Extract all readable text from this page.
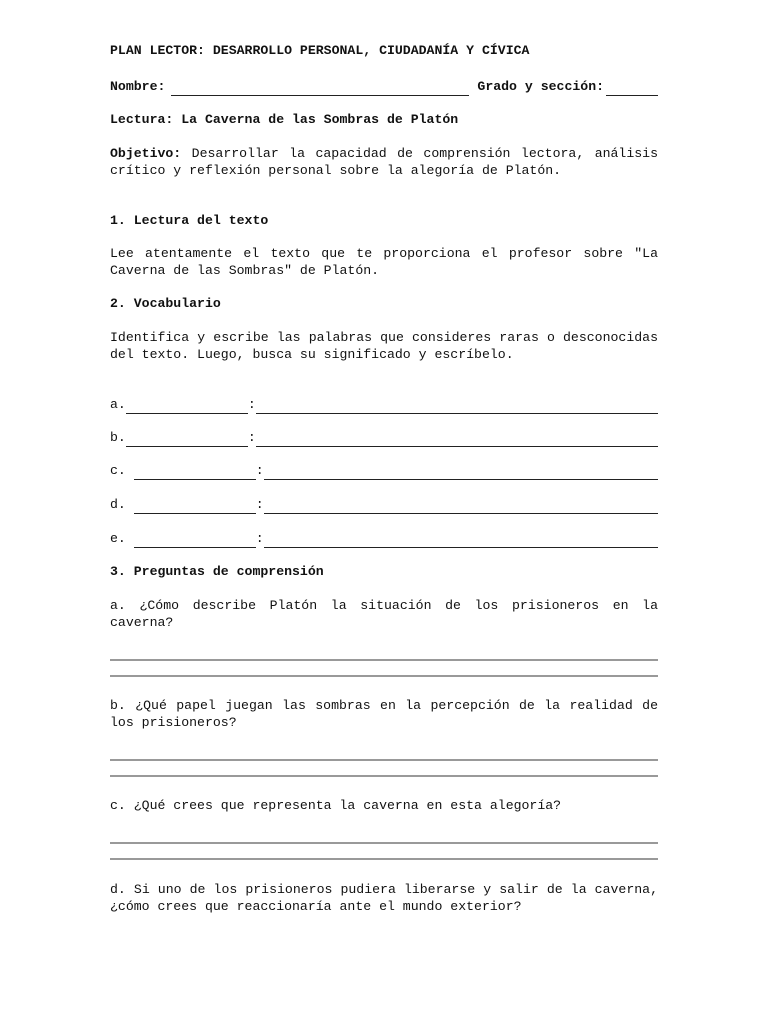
PLAN LECTOR: DESARROLLO PERSONAL, CIUDADANÍA Y CÍVICA
Nombre:	Grado y sección:
Lectura: La Caverna de las Sombras de Platón
Objetivo: Desarrollar la capacidad de comprensión lectora, análisis crítico y reflexión personal sobre la alegoría de Platón.
1. Lectura del texto
Lee atentamente el texto que te proporciona el profesor sobre "La Caverna de las Sombras" de Platón.
2. Vocabulario
Identifica y escribe las palabras que consideres raras o desconocidas del texto. Luego, busca su significado y escríbelo.
a.	:
b.	:
c.	:
d.	:
e.	:
3. Preguntas de comprensión
a. ¿Cómo describe Platón la situación de los prisioneros en la caverna?
b. ¿Qué papel juegan las sombras en la percepción de la realidad de los prisioneros?
c. ¿Qué crees que representa la caverna en esta alegoría?
d. Si uno de los prisioneros pudiera liberarse y salir de la caverna, ¿cómo crees que reaccionaría ante el mundo exterior?
